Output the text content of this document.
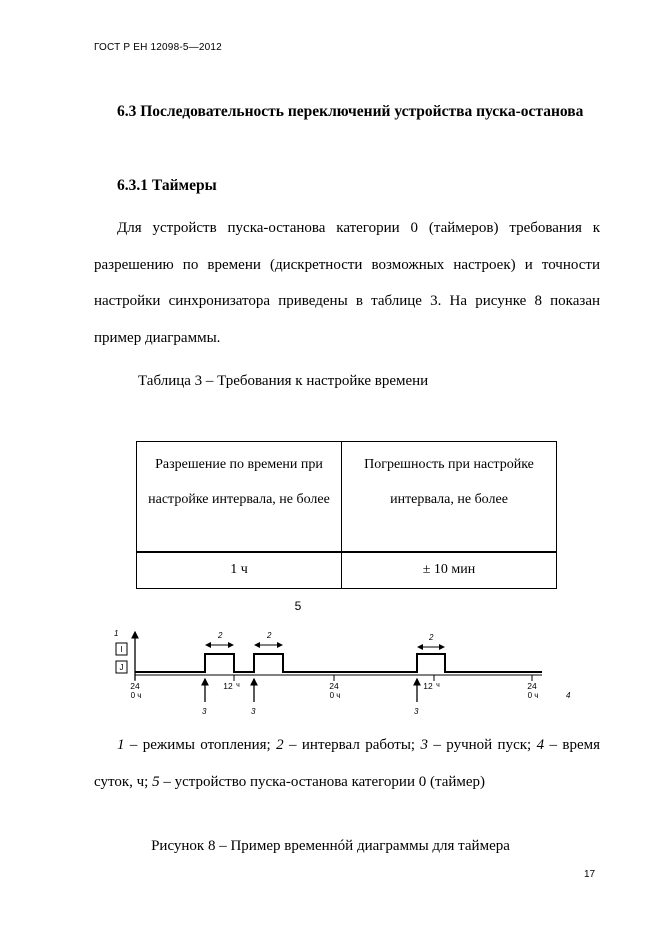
ГОСТ Р ЕН 12098-5—2012
6.3 Последовательность переключений устройства пуска-останова
6.3.1 Таймеры

Для устройств пуска-останова категории 0 (таймеров) требования к разрешению по времени (дискретности возможных настроек) и точности настройки синхронизатора приведены в таблице 3. На рисунке 8 показан пример диаграммы.

Таблица 3 – Требования к настройке времени
Разрешение по времени при настройке интервала, не более	Погрешность при настройке интервала, не более
1 ч	± 10 мин
5
1
I
J
2	2	2
3	3	3
24
0 ч
12 ч	24
0 ч
12 ч	24
0 ч	4

1 – режимы отопления; 2 – интервал работы; 3 – ручной пуск; 4 – время суток, ч; 5 – устройство пуска-останова категории 0 (таймер)

Рисунок 8 – Пример временнóй диаграммы для таймера
17
